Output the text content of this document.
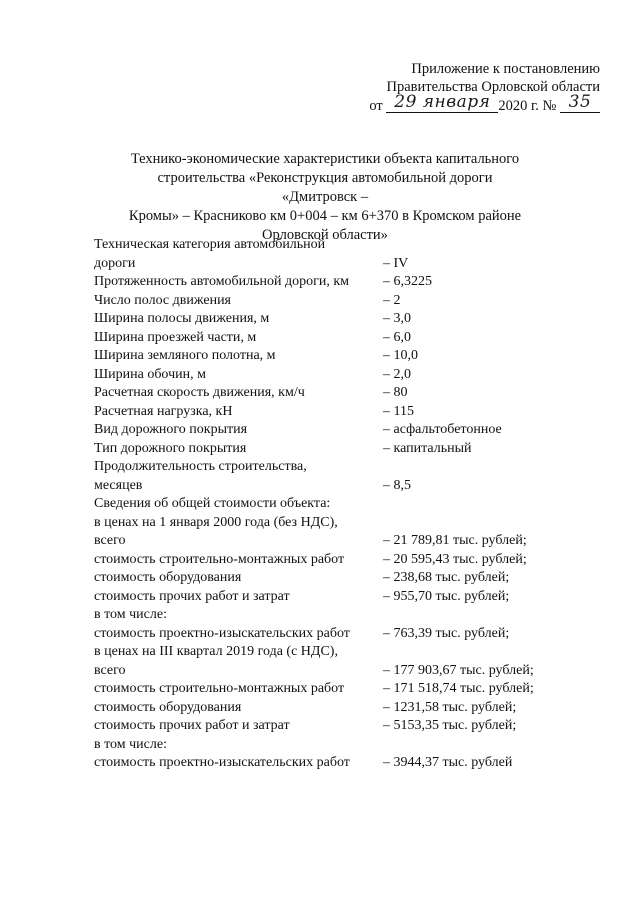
Приложение к постановлению
Правительства Орловской области
от 29 января 2020 г. № 35
Технико-экономические характеристики объекта капитального
строительства «Реконструкция автомобильной дороги «Дмитровск –
Кромы» – Красниково км 0+004 – км 6+370 в Кромском районе
Орловской области»
Техническая категория автомобильной
дороги	– IV
Протяженность автомобильной дороги, км	– 6,3225
Число полос движения	– 2
Ширина полосы движения, м	– 3,0
Ширина проезжей части, м	– 6,0
Ширина земляного полотна, м	– 10,0
Ширина обочин, м	– 2,0
Расчетная скорость движения, км/ч	– 80
Расчетная нагрузка, кН	– 115
Вид дорожного покрытия	– асфальтобетонное
Тип дорожного покрытия	– капитальный
Продолжительность строительства,
месяцев	– 8,5
Сведения об общей стоимости объекта:
в ценах на 1 января 2000 года (без НДС),
всего	– 21 789,81 тыс. рублей;
стоимость строительно-монтажных работ	– 20 595,43 тыс. рублей;
стоимость оборудования	– 238,68 тыс. рублей;
стоимость прочих работ и затрат	– 955,70 тыс. рублей;
в том числе:
стоимость проектно-изыскательских работ	– 763,39 тыс. рублей;
в ценах на III квартал 2019 года (с НДС),
всего	– 177 903,67 тыс. рублей;
стоимость строительно-монтажных работ	– 171 518,74 тыс. рублей;
стоимость оборудования	– 1231,58 тыс. рублей;
стоимость прочих работ и затрат	– 5153,35 тыс. рублей;
в том числе:
стоимость проектно-изыскательских работ	– 3944,37 тыс. рублей
